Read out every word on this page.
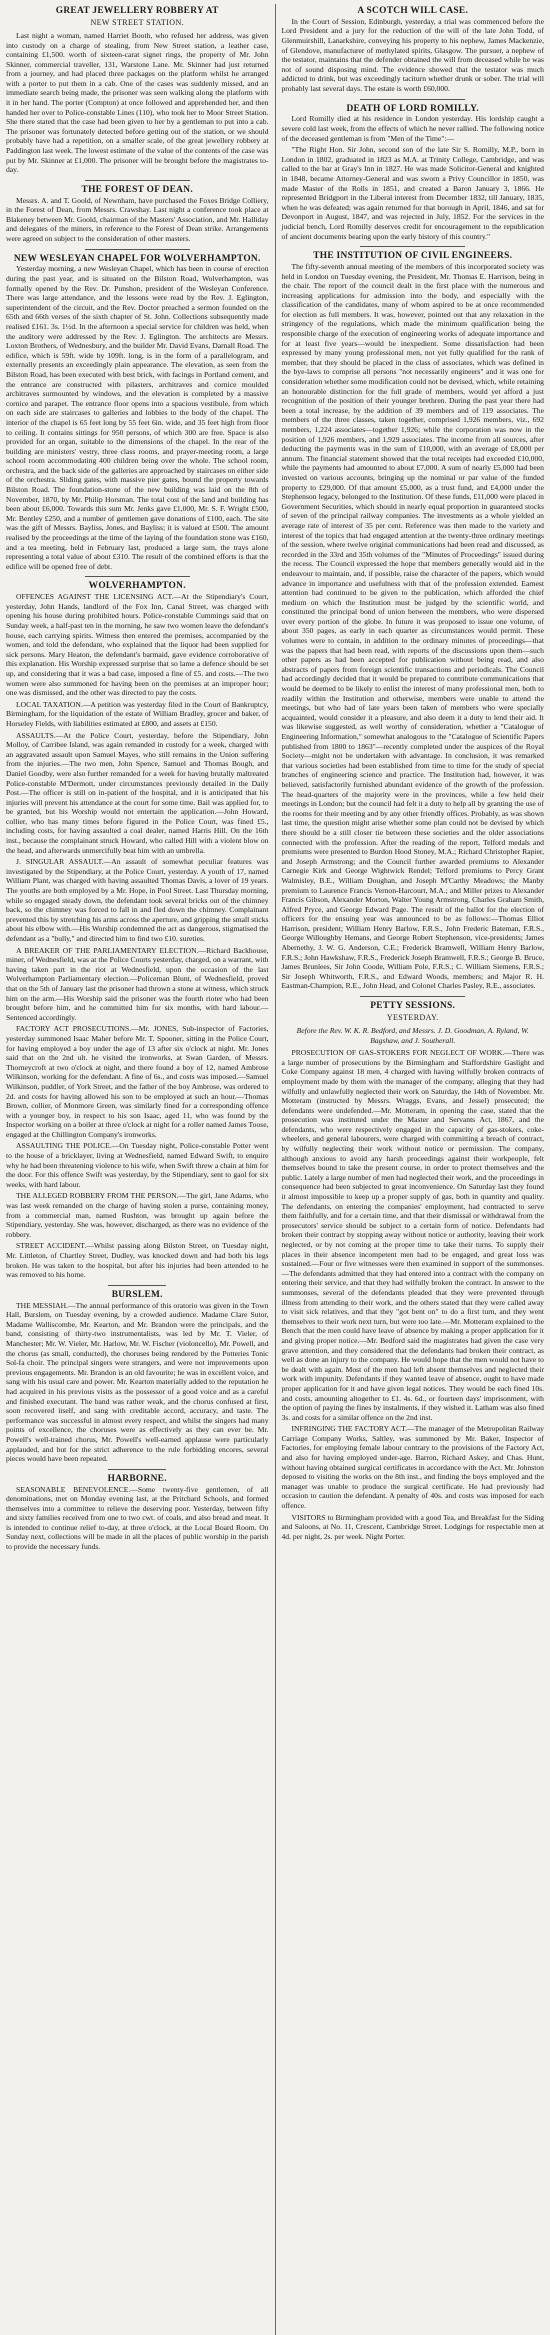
GREAT JEWELLERY ROBBERY AT
NEW STREET STATION.

Last night a woman, named Harriet Booth, who refused her address, was given into custody on a charge of stealing, from New Street station, a leather case, containing £1,500. worth of sixteen-carat signet rings, the property of Mr. John Skinner, commercial traveller, 131, Warstone Lane. Mr. Skinner had just returned from a journey, and had placed three packages on the platform whilst he arranged with a porter to put them in a cab. One of the cases was suddenly missed, and an immediate search being made, the prisoner was seen walking along the platform with it in her hand. The porter (Compton) at once followed and apprehended her, and then handed her over to Police-constable Lines (110), who took her to Moor Street Station. She there stated that the case had been given to her by a gentleman to put into a cab. The prisoner was fortunately detected before getting out of the station, or we should probably have had a repetition, on a smaller scale, of the great jewellery robbery at Paddington last week. The lowest estimate of the value of the contents of the case was put by Mr. Skinner at £1,000. The prisoner will be brought before the magistrates to-day.

THE FOREST OF DEAN.

Messrs. A. and T. Goold, of Newnham, have purchased the Foxes Bridge Colliery, in the Forest of Dean, from Messrs. Crawshay. Last night a conference took place at Blakeney between Mr. Goold, chairman of the Masters' Association, and Mr. Halliday and delegates of the miners, in reference to the Forest of Dean strike. Arrangements were agreed on subject to the consideration of other masters.

NEW WESLEYAN CHAPEL FOR WOLVERHAMPTON.

Yesterday morning, a new Wesleyan Chapel, which has been in course of erection during the past year, and is situated on the Bilston Road, Wolverhampton, was formally opened by the Rev. Dr. Punshon, president of the Wesleyan Conference. There was large attendance, and the lessons were read by the Rev. J. Eglington, superintendent of the circuit, and the Rev. Doctor preached a sermon founded on the 65th and 66th verses of the sixth chapter of St. John. Collections subsequently made realised £161. 3s. 1½d. In the afternoon a special service for children was held, when the auditory were addressed by the Rev. J. Eglington. The architects are Messrs. Loxton Brothers, of Wednesbury, and the builder Mr. David Evans, Darnall Road. The edifice, which is 59ft. wide by 109ft. long, is in the form of a parallelogram, and externally presents an exceedingly plain appearance. The elevation, as seen from the Bilston Road, has been executed with best brick, with facings in Portland cement, and the entrance are constructed with pilasters, architraves and cornice moulded architraves surmounted by windows, and the elevation is completed by a massive cornice and parapet. The entrance floor opens into a spacious vestibule, from which on each side are staircases to galleries and lobbies to the body of the chapel. The interior of the chapel is 65 feet long by 55 feet 6in. wide, and 35 feet high from floor to ceiling. It contains sittings for 950 persons, of which 300 are free. Space is also provided for an organ, suitable to the dimensions of the chapel. In the rear of the building are ministers' vestry, three class rooms, and prayer-meeting room, a large school room accommodating 400 children being over the whole. The school room, orchestra, and the back side of the galleries are approached by staircases on either side of the orchestra. Sliding gates, with massive pier gates, bound the property towards Bilston Road. The foundation-stone of the new building was laid on the 8th of November, 1870, by Mr. Philip Horsman. The total cost of the land and building has been about £6,000. Towards this sum Mr. Jenks gave £1,000, Mr. S. F. Wright £500, Mr. Bentley £250, and a number of gentlemen gave donations of £100, each. The site was the gift of Messrs. Bayliss, Jones, and Bayliss; it is valued at £500. The amount realised by the proceedings at the time of the laying of the foundation stone was £160, and a tea meeting, held in February last, produced a large sum, the trays alone representing a total value of about £310. The result of the combined efforts is that the edifice will be opened free of debt.

WOLVERHAMPTON.

OFFENCES AGAINST THE LICENSING ACT.—At the Stipendiary's Court, yesterday, John Hands, landlord of the Fox Inn, Canal Street, was charged with opening his house during prohibited hours. Police-constable Cummings said that on Sunday week, a half-past ten in the morning, he saw two women leave the defendant's house, each carrying spirits. Witness then entered the premises, accompanied by the women, and told the defendant, who explained that the liquor had been supplied for sick persons. Mary Heaton, the defendant's barmaid, gave evidence corroborative of this explanation. His Worship expressed surprise that so lame a defence should be set up, and considering that it was a bad case, imposed a fine of £5. and costs.—The two women were also summoned for having been on the premises at an improper hour; one was dismissed, and the other was directed to pay the costs.

LOCAL TAXATION.—A petition was yesterday filed in the Court of Bankruptcy, Birmingham, for the liquidation of the estate of William Bradley, grocer and baker, of Horseley Fields, with liabilities estimated at £800, and assets at £150.

ASSAULTS.—At the Police Court, yesterday, before the Stipendiary, John Molloy, of Carribee Island, was again remanded in custody for a week, charged with an aggravated assault upon Samuel Mayes, who still remains in the Union suffering from the injuries.—The two men, John Spence, Samuel and Thomas Bough, and Daniel Goodby, were also further remanded for a week for having brutally maltreated Police-constable M'Dermott, under circumstances previously detailed in the Daily Post.—The officer is still on in-patient of the hospital, and it is anticipated that his injuries will prevent his attendance at the court for some time. Bail was applied for, to be granted, but his Worship would not entertain the application.—John Howard, collier, who has many times before figured in the Police Court, was fined £5., including costs, for having assaulted a coal dealer, named Harris Hill. On the 16th inst., because the complainant struck Howard, who called Hill with a violent blow on the head, and afterwards unmercifully beat him with an umbrella.

J. SINGULAR ASSAULT.—An assault of somewhat peculiar features was investigated by the Stipendiary, at the Police Court, yesterday. A youth of 17, named William Plant, was charged with having assaulted Thomas Davis, a lover of 19 years. The youths are both employed by a Mr. Hope, in Pool Street. Last Thursday morning, while so engaged steady down, the defendant took several bricks out of the chimney back, so the chimney was forced to fall in and fled down the chimney. Complainant prevented this by stretching his arms across the aperture, and gripping the small sticks about his elbow with.—His Worship condemned the act as dangerous, stigmatised the defendant as a "bully," and directed him to find two £10. sureties.

A BREAKER OF THE PARLIAMENTARY ELECTION.—Richard Backhouse, miner, of Wednesfield, was at the Police Courts yesterday, charged, on a warrant, with having taken part in the riot at Wednesfield, upon the occasion of the last Wolverhampton Parliamentary election.—Policeman Blunt, of Wednesfield, proved that on the 5th of January last the prisoner had thrown a stone at witness, which struck him on the arm.—His Worship said the prisoner was the fourth rioter who had been brought before him, and he committed him for six months, with hard labour.—Sentenced accordingly.

FACTORY ACT PROSECUTIONS.—Mr. JONES, Sub-inspector of Factories, yesterday summoned Isaac Maher before Mr. T. Spooner, sitting in the Police Court, for having employed a boy under the age of 13 after six o'clock at night. Mr. Jones said that on the 2nd ult. he visited the ironworks, at Swan Garden, of Messrs. Thorneycroft at two o'clock at night, and there found a boy of 12, named Ambrose Wilkinson, working for the defendant. A fine of 6s., and costs was imposed.—Samuel Wilkinson, puddler, of York Street, and the father of the boy Ambrose, was ordered to 2d. and costs for having allowed his son to be employed at such an hour.—Thomas Brown, collier, of Monmore Green, was similarly fined for a corresponding offence with a younger boy, in respect to his son Isaac, aged 11, who was found by the Inspector working on a boiler at three o'clock at night for a roller named James Toose, engaged at the Chillington Company's ironworks.

ASSAULTING THE POLICE.—On Tuesday night, Police-constable Potter went to the house of a bricklayer, living at Wednesfield, named Edward Swift, to enquire why he had been threatening violence to his wife, when Swift threw a chain at him for the door. For this offence Swift was yesterday, by the Stipendiary, sent to gaol for six weeks, with hard labour.

THE ALLEGED ROBBERY FROM THE PERSON.—The girl, Jane Adams, who was last week remanded on the charge of having stolen a purse, containing money, from a commercial man, named Rushton, was brought up again before the Stipendiary, yesterday. She was, however, discharged, as there was no evidence of the robbery.

STREET ACCIDENT.—Whilst passing along Bilston Street, on Tuesday night, Mr. Littleton, of Chartley Street, Dudley, was knocked down and had both his legs broken. He was taken to the hospital, but after his injuries had been attended to he was removed to his home.

BURSLEM.

THE MESSIAH.—The annual performance of this oratorio was given in the Town Hall, Burslem, on Tuesday evening, by a crowded audience. Madame Clare Sutor, Madame Walliscombe, Mr. Kearton, and Mr. Brandon were the principals, and the band, consisting of thirty-two instrumentalists, was led by Mr. T. Vieler, of Manchester; Mr. W. Vieler, Mr. Harlow, Mr. W. Fischer (violoncello), Mr. Powell, and the chorus (as small, conducted), the choruses being rendered by the Potteries Tonic Sol-fa choir. The principal singers were strangers, and were not improvements upon previous engagements. Mr. Brandon is an old favourite; he was in excellent voice, and sang with his usual care and power. Mr. Kearton materially added to the reputation he had acquired in his previous visits as the possessor of a good voice and as a careful and finished executant. The band was rather weak, and the chorus confused at first, soon recovered itself, and sang with creditable accord, accuracy, and taste. The performance was successful in almost every respect, and whilst the singers had many points of excellence, the choruses were as effectively as they can ever be. Mr. Powell's well-trained chorus, Mr. Powell's well-earned applause were particularly applauded, and but for the strict adherence to the rule forbidding encores, several pieces would have been repeated.

HARBORNE.

SEASONABLE BENEVOLENCE.—Some twenty-five gentlemen, of all denominations, met on Monday evening last, at the Pritchard Schools, and formed themselves into a committee to relieve the deserving poor. Yesterday, between fifty and sixty families received from one to two cwt. of coals, and also bread and meat. It is intended to continue relief to-day, at three o'clock, at the Local Board Room. On Sunday next, collections will be made in all the places of public worship in the parish to provide the necessary funds.

A SCOTCH WILL CASE.

In the Court of Session, Edinburgh, yesterday, a trial was commenced before the Lord President and a jury for the reduction of the will of the late John Todd, of Glenmuirshill, Lanarkshire, conveying his property to his nephew, James Mackenzie, of Glendove, manufacturer of methylated spirits, Glasgow. The pursuer, a nephew of the testator, maintains that the defender obtained the will from deceased while he was not of sound disposing mind. The evidence showed that the testator was much addicted to drink, but was exceedingly taciturn whether drunk or sober. The trial will probably last several days. The estate is worth £60,000.

DEATH OF LORD ROMILLY.

Lord Romilly died at his residence in London yesterday. His lordship caught a severe cold last week, from the effects of which he never rallied. The following notice of the deceased gentleman is from "Men of the Time":—

"The Right Hon. Sir John, second son of the late Sir S. Romilly, M.P., born in London in 1802, graduated in 1823 as M.A. at Trinity College, Cambridge, and was called to the bar at Gray's Inn in 1827. He was made Solicitor-General and knighted in 1848, became Attorney-General and was sworn a Privy Councillor in 1850, was made Master of the Rolls in 1851, and created a Baron January 3, 1866. He represented Bridgport in the Liberal interest from December 1832, till January, 1835, when he was defeated; was again returned for that borough in April, 1846, and sat for Devonport in August, 1847, and was rejected in July, 1852. For the services in the judicial bench, Lord Romilly deserves credit for encouragement to the republication of ancient documents bearing upon the early history of this country."

THE INSTITUTION OF CIVIL ENGINEERS.

The fifty-seventh annual meeting of the members of this incorporated society was held in London on Tuesday evening, the President, Mr. Thomas E. Harrison, being in the chair. The report of the council dealt in the first place with the numerous and increasing applications for admission into the body, and especially with the classification of the candidates, many of whom aspired to be at once recommended for election as full members. It was, however, pointed out that any relaxation in the stringency of the regulations, which made the minimum qualification being the responsible charge of the execution of engineering works of adequate importance and for at least five years—would be inexpedient. Some dissatisfaction had been expressed by many young professional men, not yet fully qualified for the rank of member, that they should be placed in the class of associates, which was defined in the bye-laws to comprise all persons "not necessarily engineers" and it was one for consideration whether some modification could not be devised, which, while retaining an honourable distinction for the full grade of members, would yet afford a just recognition of the position of their younger brethren. During the past year there had been a total increase, by the addition of 39 members and of 119 associates. The members of the three classes, taken together, comprised 1,926 members, viz., 692 members, 1,224 associates—together 1,926; while the corporation was now in the position of 1,926 members, and 1,929 associates. The income from all sources, after deducting the payments was in the sum of £10,000, with an average of £8,000 per annum. The financial statement showed that the total receipts had exceeded £10,000, while the payments had amounted to about £7,000. A sum of nearly £5,000 had been invested on various accounts, bringing up the nominal or par value of the funded property to £29,000. Of that amount £5,000, as a trust fund, and £4,000 under the Stephenson legacy, belonged to the Institution. Of these funds, £11,000 were placed in Government Securities, which should in nearly equal proportion in guaranteed stocks of seven of the principal railway companies. The investments as a whole yielded an average rate of interest of 35 per cent. Reference was then made to the variety and interest of the topics that had engaged attention at the twenty-three ordinary meetings of the session, where twelve original communications had been read and discussed, as recorded in the 33rd and 35th volumes of the "Minutes of Proceedings" issued during the recess. The Council expressed the hope that members generally would aid in the endeavour to maintain, and, if possible, raise the character of the papers, which would advance in importance and usefulness with that of the profession extended. Earnest attention had continued to be given to the publication, which afforded the chief medium on which the Institution must be judged by the scientific world, and constituted the principal bond of union between the members, who were dispersed over every portion of the globe. In future it was proposed to issue one volume, of about 350 pages, as early in each quarter as circumstances would permit. These volumes were to contain, in addition to the ordinary minutes of proceedings—that was the papers that had been read, with reports of the discussions upon them—such other papers as had been accepted for publication without being read, and also abstracts of papers from foreign scientific transactions and periodicals. The Council had accordingly decided that it would be prepared to contribute communications that would be deemed to be likely to enlist the interest of many professional men, both to readily within the Institution and otherwise, members were unable to attend the meetings, but who had of late years been taken of members who were specially acquainted, would consider it a pleasure, and also deem it a duty to lend their aid. It was likewise suggested, as well worthy of consideration, whether a "Catalogue of Engineering Information," somewhat analogous to the "Catalogue of Scientific Papers published from 1800 to 1863"—recently completed under the auspices of the Royal Society—might not be undertaken with advantage. In conclusion, it was remarked that various societies had been established from time to time for the study of special branches of engineering science and practice. The Institution had, however, it was believed, satisfactorily furnished abundant evidence of the growth of the profession. The head-quarters of the majority were in the provinces, while a few held their meetings in London; but the council had felt it a duty to help all by granting the use of the rooms for their meeting and by any other friendly offices. Probably, as was shown last time, the question might arise whether some plan could not be devised by which there should be a still closer tie between these societies and the older associations connected with the profession. After the reading of the report, Telford medals and premiums were presented to Burdon Hood Stoney, M.A.; Richard Christopher Rapier, and Joseph Armstrong; and the Council further awarded premiums to Alexander Carnegie Kirk and George Wightwick Rendel; Telford premiums to Percy Grant Walmisley, B.E., William Doughan, and Joseph M'Carthy Meadows; the Manby premium to Laurence Francis Vernon-Harcourt, M.A.; and Miller prizes to Alexander Francis Gibson, Alexander Morton, Walter Young Armstrong, Charles Graham Smith, Alfred Pryce, and George Edward Page. The result of the ballot for the election of officers for the ensuing year was announced to be as follows:—Thomas Elliot Harrison, president; William Henry Barlow, F.R.S., John Frederic Bateman, F.R.S., George Willoughby Hemans, and George Robert Stephenson, vice-presidents; James Abernethy, J. W. G. Anderson, C.E.; Frederick Bramwell, William Henry Barlow, F.R.S.; John Hawkshaw, F.R.S., Frederick Joseph Bramwell, F.R.S.; George B. Bruce, James Brunlees, Sir John Coode, William Pole, F.R.S.; C. William Siemens, F.R.S.; Sir Joseph Whitworth, F.R.S., and Edward Woods, members; and Major R. H. Eastman-Champion, R.E., John Head, and Colonel Charles Pasley, R.E., associates.

PETTY SESSIONS.
YESTERDAY.
Before the Rev. W. K. R. Bedford, and Messrs. J. D. Goodman, A. Ryland, W. Bagshaw, and J. Southerall.

PROSECUTION OF GAS-STOKERS FOR NEGLECT OF WORK.—There was a large number of prosecutions by the Birmingham and Staffordshire Gaslight and Coke Company against 18 men, 4 charged with having wilfully broken contracts of employment made by them with the manager of the company, alleging that they had wilfully and unlawfully neglected their work on Saturday, the 14th of November. Mr. Motteram (instructed by Messrs. Wraggs, Evans, and Jessel) prosecuted; the defendants were undefended.—Mr. Motteram, in opening the case, stated that the prosecution was instituted under the Master and Servants Act, 1867, and the defendants, who were respectively engaged in the capacity of gas-stokers, coke-wheelers, and general labourers, were charged with committing a breach of contract, by wilfully neglecting their work without notice or permission. The company, although anxious to avoid any harsh proceedings against their workpeople, felt themselves bound to take the present course, in order to protect themselves and the public. Lately a large number of men had neglected their work, and the proceedings in consequence had been subjected to great inconvenience. On Saturday last they found it almost impossible to keep up a proper supply of gas, both in quantity and quality. The defendants, on entering the companies' employment, had contracted to serve them faithfully, and for a certain time, and that their dismissal or withdrawal from the prosecutors' service should be subject to a certain form of notice. Defendants had broken their contract by stopping away without notice or authority, leaving their work neglected, or by not coming at the proper time to take their turns. To supply their places in their absence incompetent men had to be engaged, and great loss was sustained.—Four or five witnesses were then examined in support of the summonses.—The defendants admitted that they had entered into a contract with the company on entering their service, and that they had wilfully broken the contract. In answer to the summonses, several of the defendants pleaded that they were prevented through illness from attending to their work, and the others stated that they were called away to visit sick relatives, and that they "got bent on" to do a first turn, and they went themselves to their work next turn, but were too late.—Mr. Motteram explained to the Bench that the men could have leave of absence by making a proper application for it and giving proper notice.—Mr. Bedford said the magistrates had given the case very grave attention, and they considered that the defendants had broken their contract, as well as done an injury to the company. He would hope that the men would not have to be dealt with again. Most of the men had left absent themselves and neglected their work with impunity. Defendants if they wanted leave of absence, ought to have made proper application for it and have given legal notices. They would be each fined 10s. and costs, amounting altogether to £1. 4s. 6d., or fourteen days' imprisonment, with the option of paying the fines by instalments, if they wished it. Latham was also fined 3s. and costs for a similar offence on the 2nd inst.

INFRINGING THE FACTORY ACT.—The manager of the Metropolitan Railway Carriage Company Works, Saltley, was summoned by Mr. Baker, Inspector of Factories, for employing female labour contrary to the provisions of the Factory Act, and also for having employed under-age. Barron, Richard Askey, and Chas. Hunt, without having obtained surgical certificates in accordance with the Act. Mr. Johnston deposed to visiting the works on the 8th inst., and finding the boys employed and the manager was unable to produce the surgical certificate. He had previously had occasion to caution the defendant. A penalty of 40s. and costs was imposed for each offence.

VISITORS to Birmingham provided with a good Tea, and Breakfast for the Siding and Saloons, at No. 11, Crescent, Cambridge Street. Lodgings for respectable men at 4d. per night, 2s. per week. Night Porter.
